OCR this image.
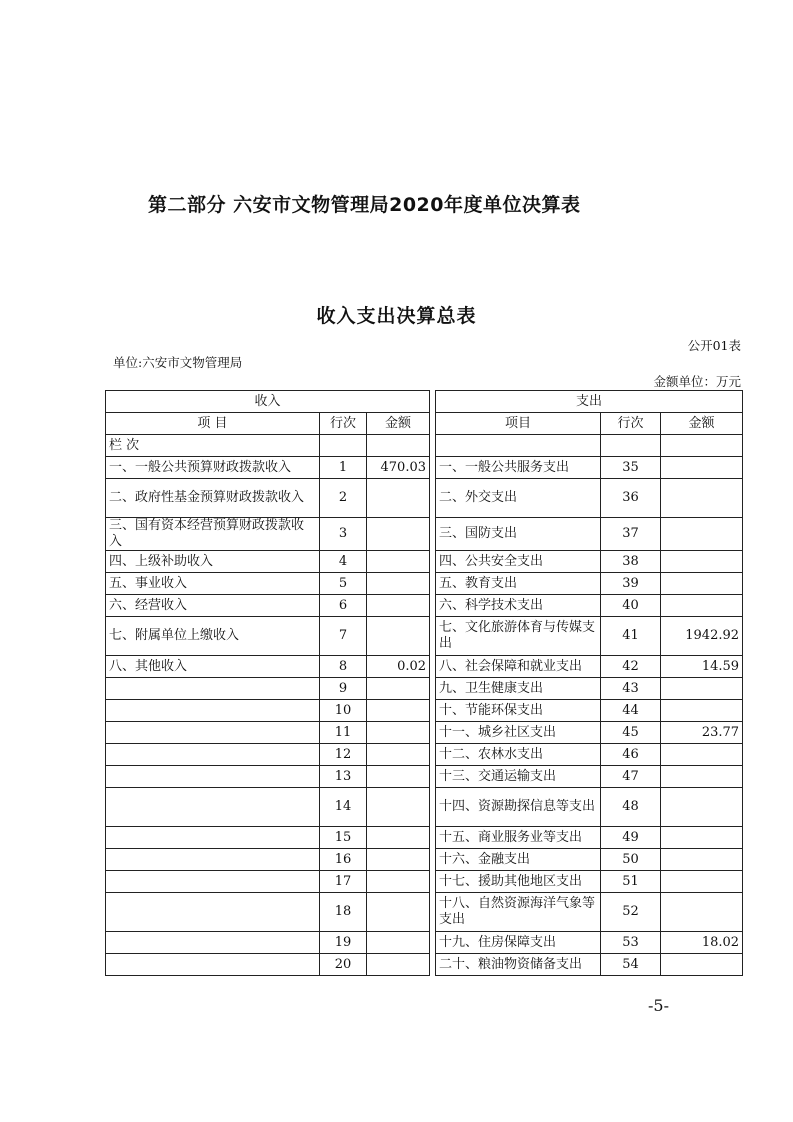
第二部分 六安市文物管理局2020年度单位决算表
收入支出决算总表
公开01表
单位:六安市文物管理局
金额单位：万元
收入				支出		
项 目	行次	金额		项目	行次	金额
栏 次						
一、一般公共预算财政拨款收入	1	470.03		一、一般公共服务支出	35	
二、政府性基金预算财政拨款收入	2			二、外交支出	36	
三、国有资本经营预算财政拨款收入	3			三、国防支出	37	
四、上级补助收入	4			四、公共安全支出	38	
五、事业收入	5			五、教育支出	39	
六、经营收入	6			六、科学技术支出	40	
七、附属单位上缴收入	7			七、文化旅游体育与传媒支出	41	1942.92
八、其他收入	8	0.02		八、社会保障和就业支出	42	14.59
	9			九、卫生健康支出	43	
	10			十、节能环保支出	44	
	11			十一、城乡社区支出	45	23.77
	12			十二、农林水支出	46	
	13			十三、交通运输支出	47	
	14			十四、资源勘探信息等支出	48	
	15			十五、商业服务业等支出	49	
	16			十六、金融支出	50	
	17			十七、援助其他地区支出	51	
	18			十八、自然资源海洋气象等支出	52	
	19			十九、住房保障支出	53	18.02
	20			二十、粮油物资储备支出	54	
-5-
